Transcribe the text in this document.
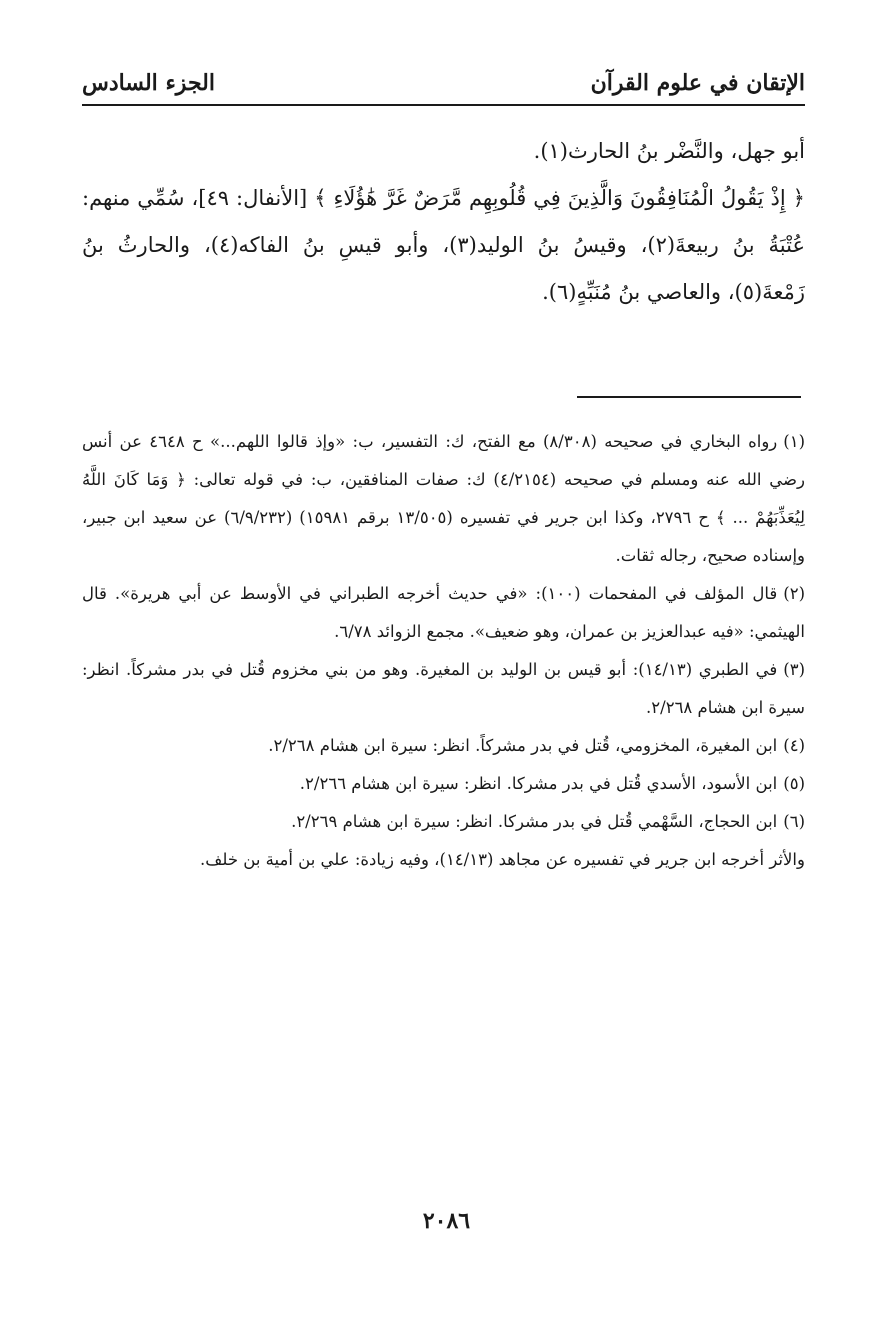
الإتقان في علوم القرآن
الجزء السادس

أبو جهل، والنَّضْر بنُ الحارث(١).

﴿ إِذْ يَقُولُ الْمُنَافِقُونَ وَالَّذِينَ فِي قُلُوبِهِم مَّرَضٌ غَرَّ هَٰؤُلَاءِ ﴾ [الأنفال: ٤٩]، سُمِّي منهم: عُتْبَةُ بنُ ربيعةَ(٢)، وقيسُ بنُ الوليد(٣)، وأبو قيسِ بنُ الفاكه(٤)، والحارثُ بنُ زَمْعةَ(٥)، والعاصي بنُ مُنَبِّهٍ(٦).

(١)رواه البخاري في صحيحه (٨/٣٠٨) مع الفتح، ك: التفسير، ب: «وإذ قالوا اللهم...» ح ٤٦٤٨ عن أنس رضي الله عنه ومسلم في صحيحه (٤/٢١٥٤) ك: صفات المنافقين، ب: في قوله تعالى: ﴿ وَمَا كَانَ اللَّهُ لِيُعَذِّبَهُمْ ... ﴾ ح ٢٧٩٦، وكذا ابن جرير في تفسيره (١٣/٥٠٥ برقم ١٥٩٨١) (٦/٩/٢٣٢) عن سعيد ابن جبير، وإسناده صحيح، رجاله ثقات.

(٢)قال المؤلف في المفحمات (١٠٠): «في حديث أخرجه الطبراني في الأوسط عن أبي هريرة». قال الهيثمي: «فيه عبدالعزيز بن عمران، وهو ضعيف». مجمع الزوائد ٦/٧٨.

(٣)في الطبري (١٤/١٣): أبو قيس بن الوليد بن المغيرة. وهو من بني مخزوم قُتل في بدر مشركاً. انظر: سيرة ابن هشام ٢/٢٦٨.

(٤)ابن المغيرة، المخزومي، قُتل في بدر مشركاً. انظر: سيرة ابن هشام ٢/٢٦٨.

(٥)ابن الأسود، الأسدي قُتل في بدر مشركا. انظر: سيرة ابن هشام ٢/٢٦٦.

(٦)ابن الحجاج، السَّهْمي قُتل في بدر مشركا. انظر: سيرة ابن هشام ٢/٢٦٩.

والأثر أخرجه ابن جرير في تفسيره عن مجاهد (١٤/١٣)، وفيه زيادة: علي بن أمية بن خلف.

٢٠٨٦
